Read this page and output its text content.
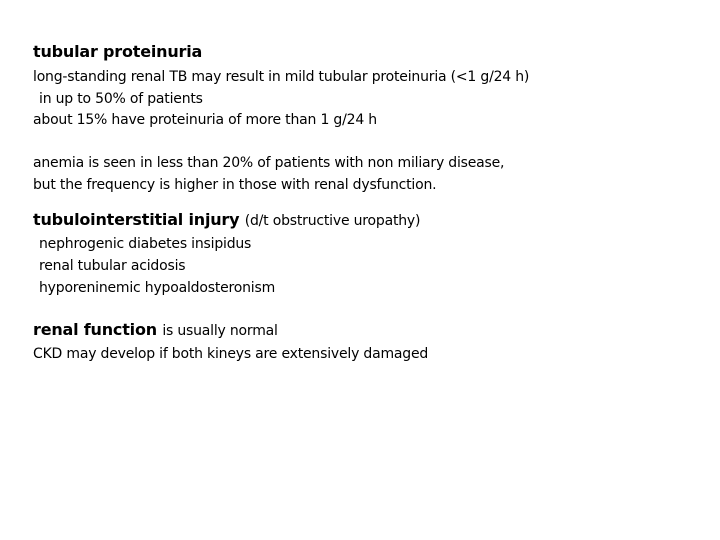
tubular proteinuria
long-standing renal TB may result in mild tubular proteinuria (<1 g/24 h)
in up to 50% of patients
about 15% have proteinuria of more than 1 g/24 h
anemia is seen in less than 20% of patients with non miliary disease,
but the frequency is higher in those with renal dysfunction.
tubulointerstitial injury (d/t obstructive uropathy)
nephrogenic diabetes insipidus
renal tubular acidosis
hyporeninemic hypoaldosteronism
renal function is usually normal
CKD may develop if both kineys are extensively damaged
